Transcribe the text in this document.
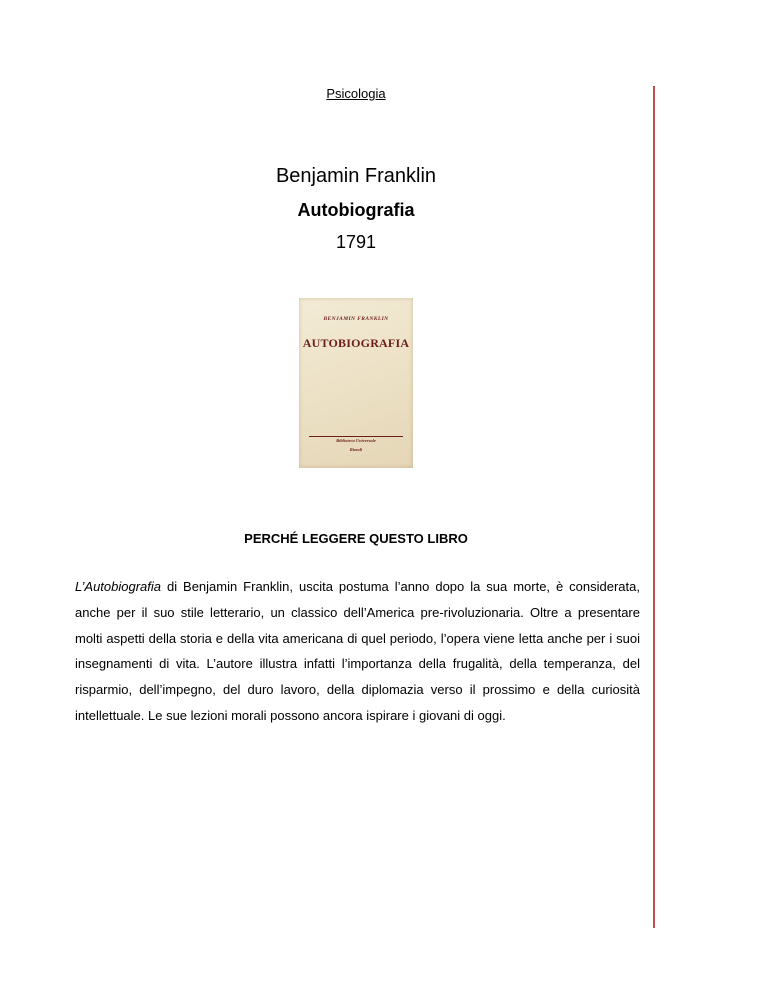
Psicologia
Benjamin Franklin
Autobiografia
1791
BENJAMIN FRANKLIN
AUTOBIOGRAFIA
Biblioteca Universale
Rizzoli
PERCHÉ LEGGERE QUESTO LIBRO

L’Autobiografia di Benjamin Franklin, uscita postuma l’anno dopo la sua morte, è considerata, anche per il suo stile letterario, un classico dell’America pre-rivoluzionaria. Oltre a presentare molti aspetti della storia e della vita americana di quel periodo, l’opera viene letta anche per i suoi insegnamenti di vita. L’autore illustra infatti l’importanza della frugalità, della temperanza, del risparmio, dell’impegno, del duro lavoro, della diplomazia verso il prossimo e della curiosità intellettuale. Le sue lezioni morali possono ancora ispirare i giovani di oggi.
